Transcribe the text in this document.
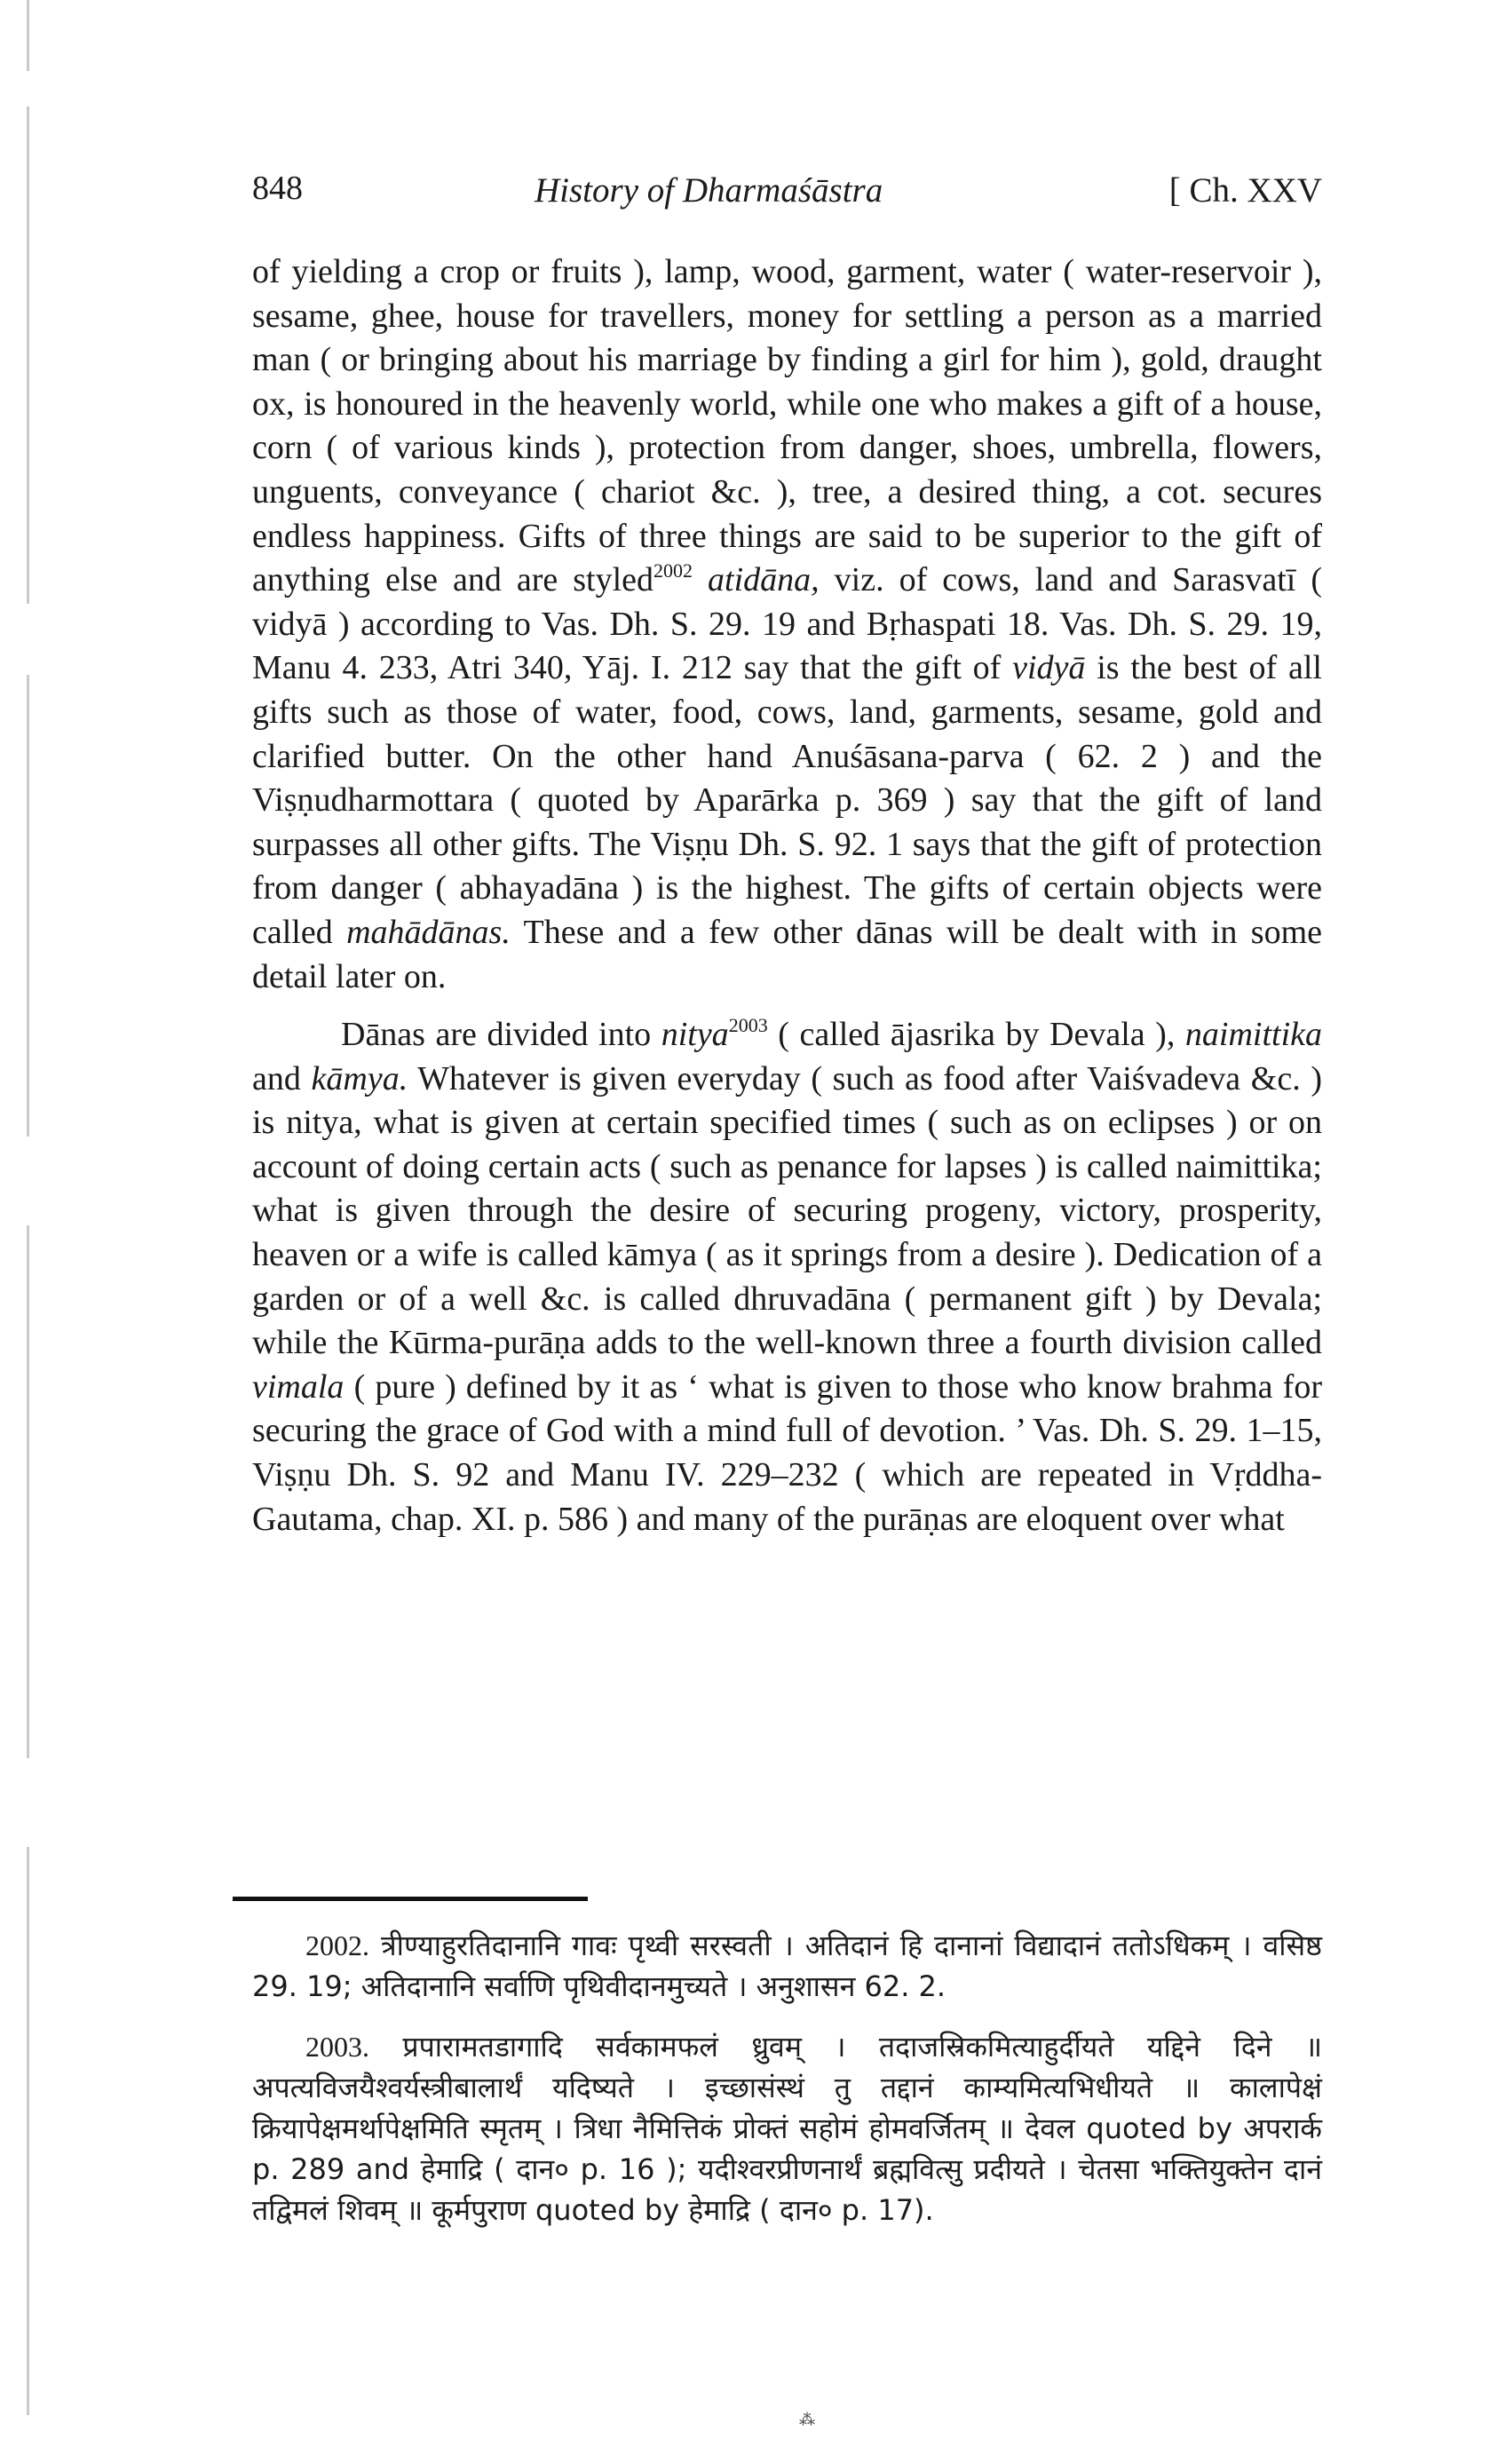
848	History of Dharmaśāstra	[ Ch. XXV

of yielding a crop or fruits ), lamp, wood, garment, water ( water-reservoir ), sesame, ghee, house for travellers, money for settling a person as a married man ( or bringing about his marriage by finding a girl for him ), gold, draught ox, is honoured in the heavenly world, while one who makes a gift of a house, corn ( of various kinds ), protection from danger, shoes, umbrella, flowers, unguents, conveyance ( chariot &c. ), tree, a desired thing, a cot. secures endless happiness. Gifts of three things are said to be superior to the gift of anything else and are styled$^{2002}$ atidāna, viz. of cows, land and Sarasvatī ( vidyā ) according to Vas. Dh. S. 29. 19 and Bṛhaspati 18. Vas. Dh. S. 29. 19, Manu 4. 233, Atri 340, Yāj. I. 212 say that the gift of vidyā is the best of all gifts such as those of water, food, cows, land, garments, sesame, gold and clarified butter. On the other hand Anuśāsana-parva ( 62. 2 ) and the Viṣṇudharmottara ( quoted by Aparārka p. 369 ) say that the gift of land surpasses all other gifts. The Viṣṇu Dh. S. 92. 1 says that the gift of protection from danger ( abhayadāna ) is the highest. The gifts of certain objects were called mahādānas. These and a few other dānas will be dealt with in some detail later on.

Dānas are divided into nitya$^{2003}$ ( called ājasrika by Devala ), naimittika and kāmya. Whatever is given everyday ( such as food after Vaiśvadeva &c. ) is nitya, what is given at certain specified times ( such as on eclipses ) or on account of doing certain acts ( such as penance for lapses ) is called naimittika; what is given through the desire of securing progeny, victory, prosperity, heaven or a wife is called kāmya ( as it springs from a desire ). Dedication of a garden or of a well &c. is called dhruvadāna ( permanent gift ) by Devala; while the Kūrma-purāṇa adds to the well-known three a fourth division called vimala ( pure ) defined by it as ‘ what is given to those who know brahma for securing the grace of God with a mind full of devotion. ’ Vas. Dh. S. 29. 1–15, Viṣṇu Dh. S. 92 and Manu IV. 229–232 ( which are repeated in Vṛddha-Gautama, chap. XI. p. 586 ) and many of the purāṇas are eloquent over what

2002. त्रीण्याहुरतिदानानि गावः पृथ्वी सरस्वती । अतिदानं हि दानानां विद्यादानं ततोऽधिकम् । वसिष्ठ 29. 19; अतिदानानि सर्वाणि पृथिवीदानमुच्यते । अनुशासन 62. 2.

2003. प्रपारामतडागादि सर्वकामफलं ध्रुवम् । तदाजस्रिकमित्याहुर्दीयते यद्दिने दिने ॥ अपत्यविजयैश्वर्यस्त्रीबालार्थं यदिष्यते । इच्छासंस्थं तु तद्दानं काम्यमित्यभिधीयते ॥ कालापेक्षं क्रियापेक्षमर्थापेक्षमिति स्मृतम् । त्रिधा नैमित्तिकं प्रोक्तं सहोमं होमवर्जितम् ॥ देवल quoted by अपरार्क p. 289 and हेमाद्रि ( दान० p. 16 ); यदीश्वरप्रीणनार्थं ब्रह्मवित्सु प्रदीयते । चेतसा भक्तियुक्तेन दानं तद्विमलं शिवम् ॥ कूर्मपुराण quoted by हेमाद्रि ( दान० p. 17).

⁂
